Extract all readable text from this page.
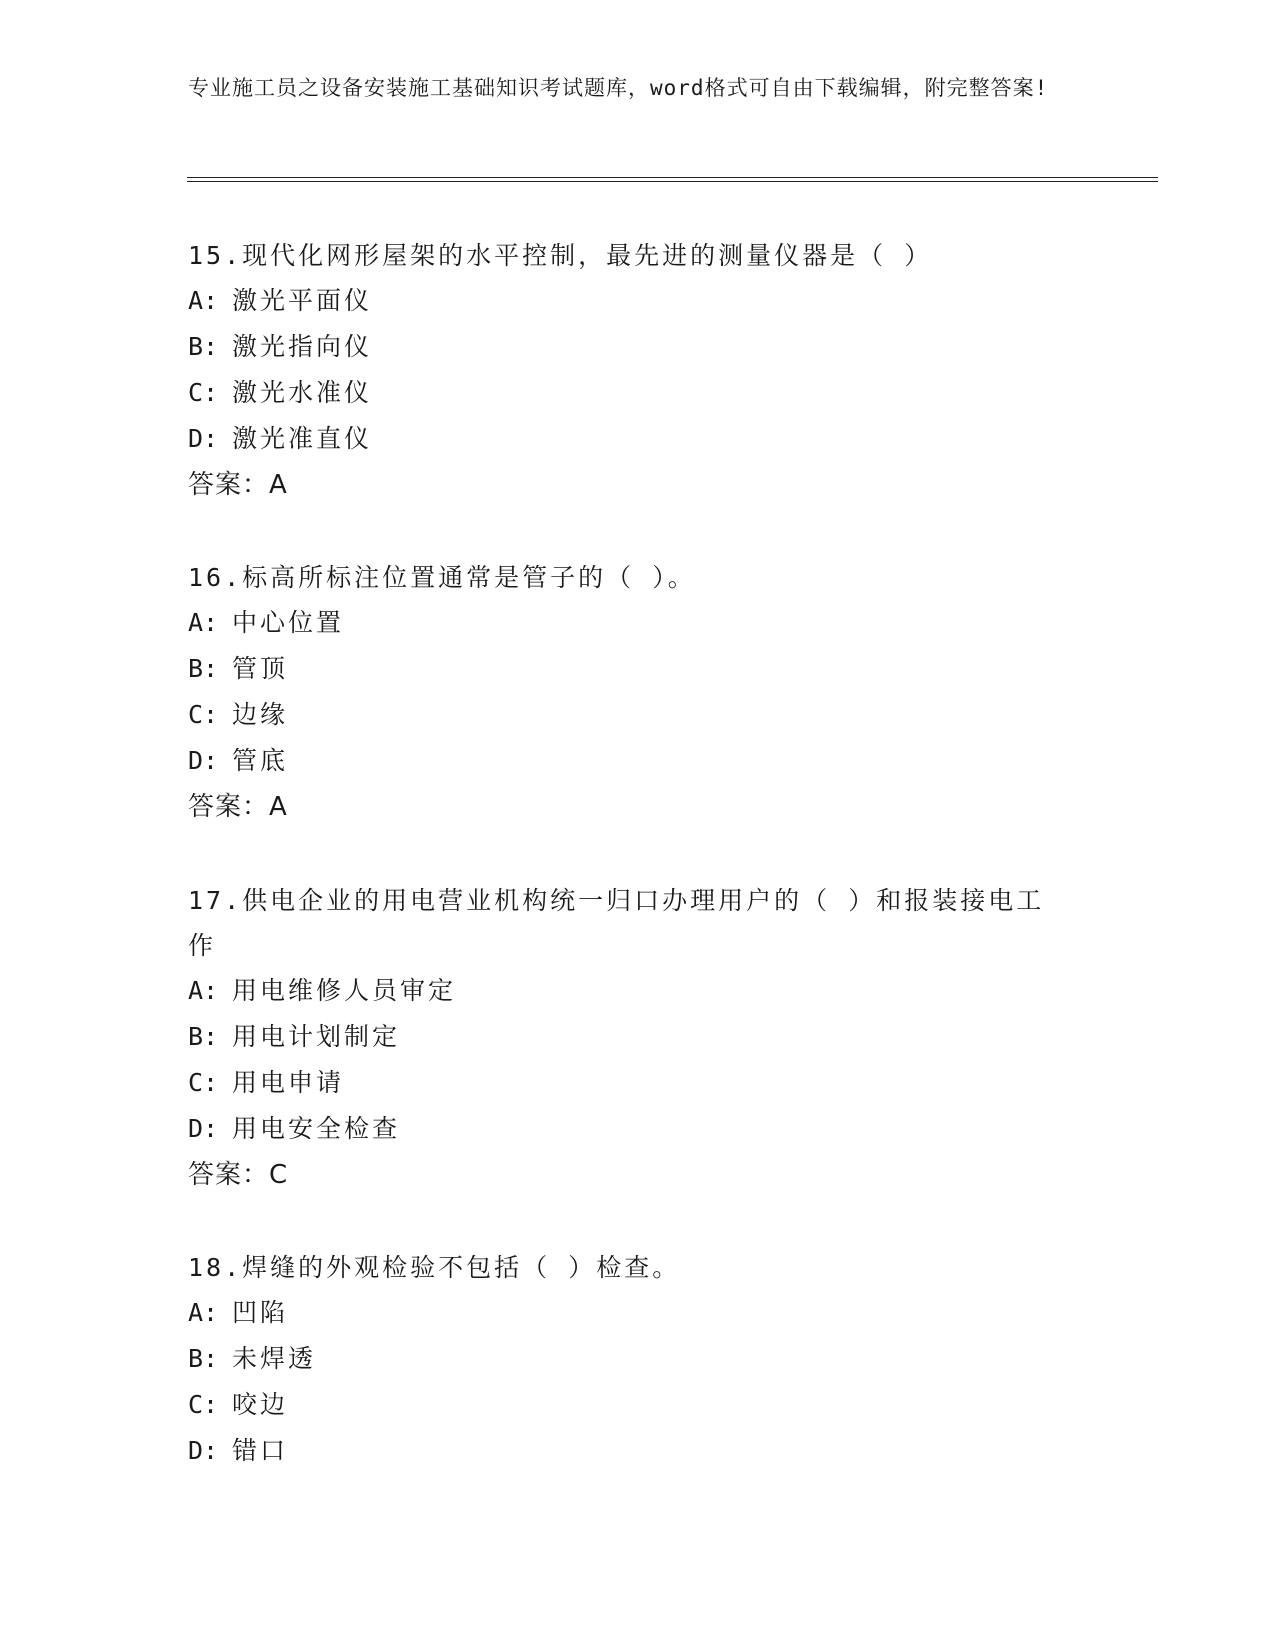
专业施工员之设备安装施工基础知识考试题库，word格式可自由下载编辑，附完整答案!
15.现代化网形屋架的水平控制，最先进的测量仪器是（ ）
A: 激光平面仪
B: 激光指向仪
C: 激光水准仪
D: 激光准直仪
答案：A
16.标高所标注位置通常是管子的（ ）。
A: 中心位置
B: 管顶
C: 边缘
D: 管底
答案：A
17.供电企业的用电营业机构统一归口办理用户的（ ）和报装接电工作
A: 用电维修人员审定
B: 用电计划制定
C: 用电申请
D: 用电安全检查
答案：C
18.焊缝的外观检验不包括（ ）检查。
A: 凹陷
B: 未焊透
C: 咬边
D: 错口
